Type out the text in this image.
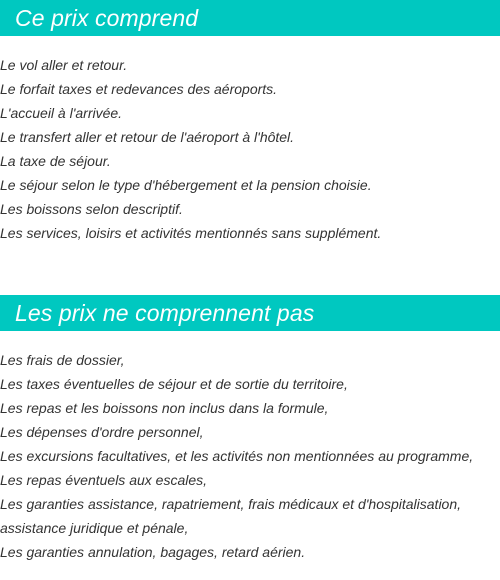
Ce prix comprend
Le vol aller et retour.
Le forfait taxes et redevances des aéroports.
L'accueil à l'arrivée.
Le transfert aller et retour de l'aéroport à l'hôtel.
La taxe de séjour.
Le séjour selon le type d'hébergement et la pension choisie.
Les boissons selon descriptif.
Les services, loisirs et activités mentionnés sans supplément.
Les prix ne comprennent pas
Les frais de dossier,
Les taxes éventuelles de séjour et de sortie du territoire,
Les repas et les boissons non inclus dans la formule,
Les dépenses d'ordre personnel,
Les excursions facultatives, et les activités non mentionnées au programme,
Les repas éventuels aux escales,
Les garanties assistance, rapatriement, frais médicaux et d'hospitalisation,
assistance juridique et pénale,
Les garanties annulation, bagages, retard aérien.
